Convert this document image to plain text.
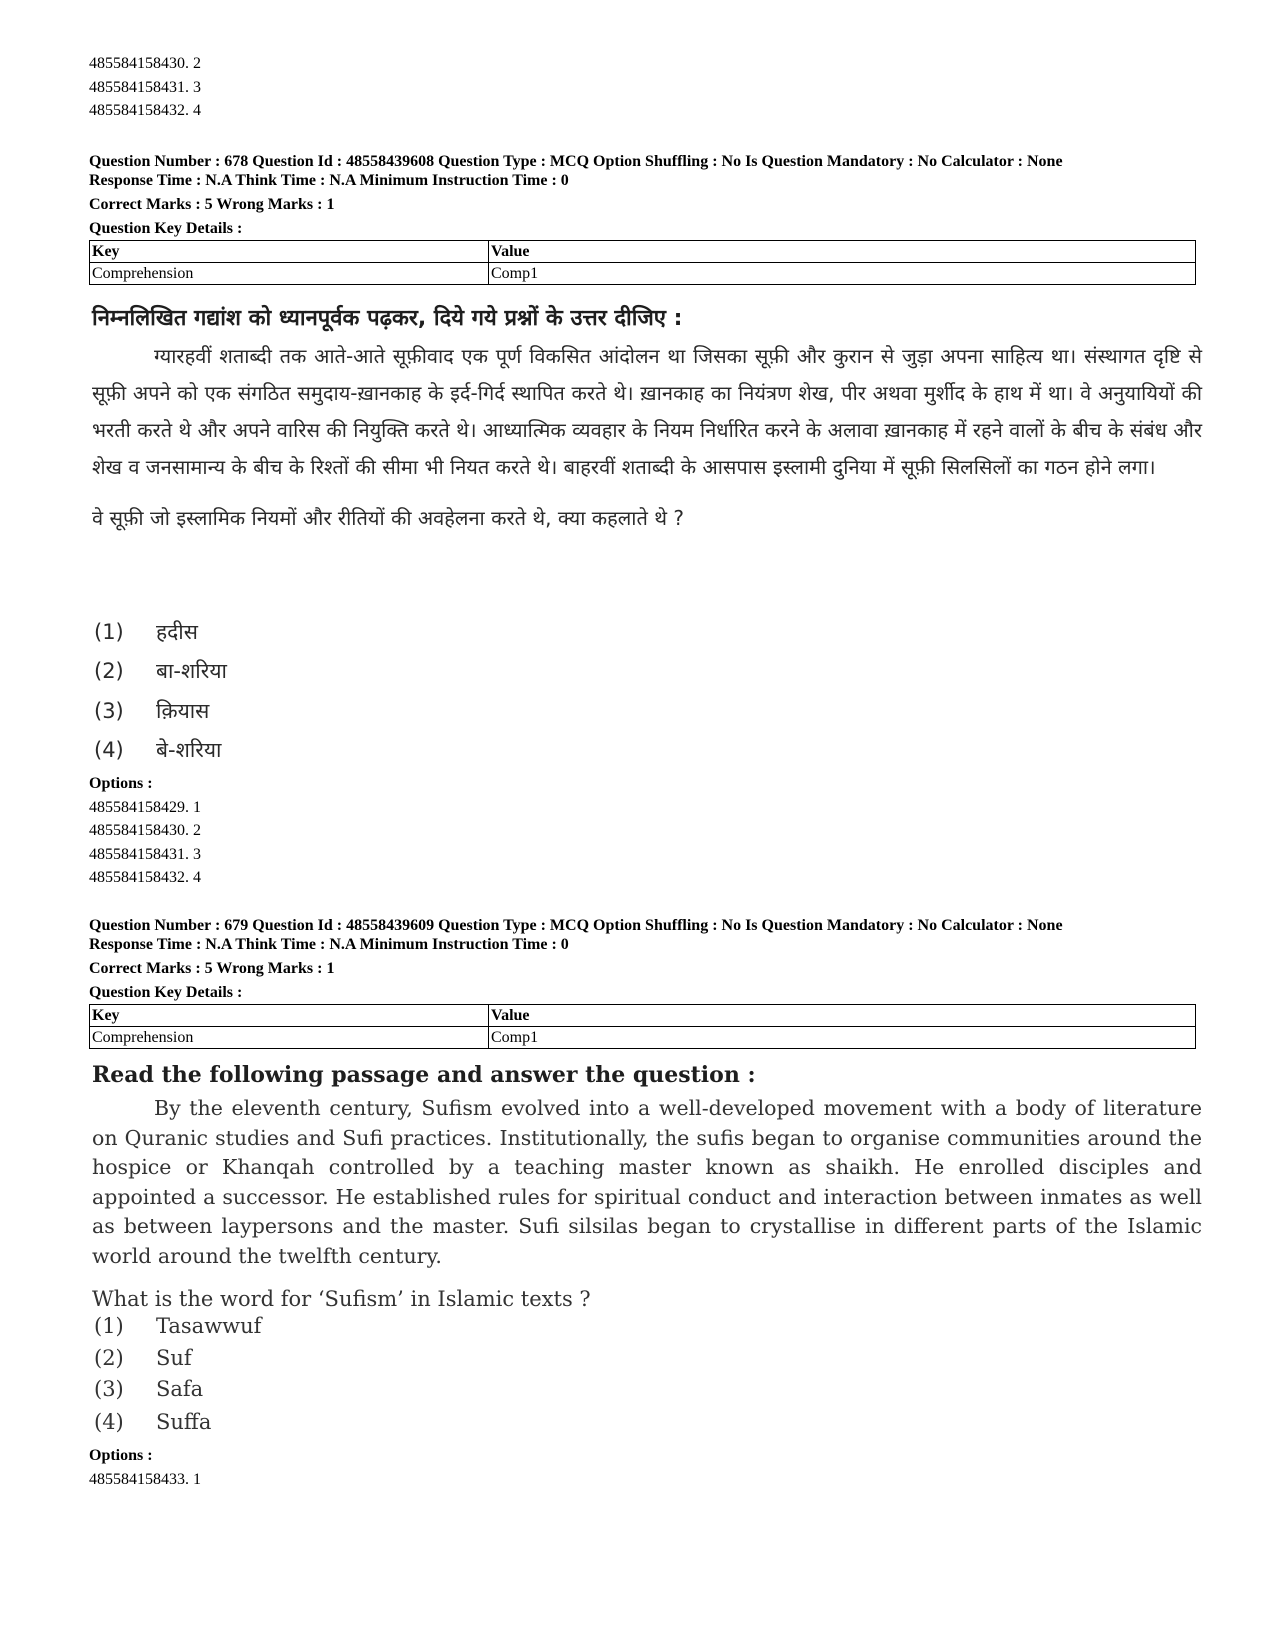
485584158430. 2
485584158431. 3
485584158432. 4
Question Number : 678 Question Id : 48558439608 Question Type : MCQ Option Shuffling : No Is Question Mandatory : No Calculator : None
Response Time : N.A Think Time : N.A Minimum Instruction Time : 0
Correct Marks : 5 Wrong Marks : 1
Question Key Details :
Key	Value
Comprehension	Comp1
निम्नलिखित गद्यांश को ध्यानपूर्वक पढ़कर, दिये गये प्रश्नों के उत्तर दीजिए :

ग्यारहवीं शताब्दी तक आते-आते सूफ़ीवाद एक पूर्ण विकसित आंदोलन था जिसका सूफ़ी और कुरान से जुड़ा अपना साहित्य था। संस्थागत दृष्टि से सूफ़ी अपने को एक संगठित समुदाय-ख़ानकाह के इर्द-गिर्द स्थापित करते थे। ख़ानकाह का नियंत्रण शेख, पीर अथवा मुर्शीद के हाथ में था। वे अनुयायियों की भरती करते थे और अपने वारिस की नियुक्ति करते थे। आध्यात्मिक व्यवहार के नियम निर्धारित करने के अलावा ख़ानकाह में रहने वालों के बीच के संबंध और शेख व जनसामान्य के बीच के रिश्तों की सीमा भी नियत करते थे। बाहरवीं शताब्दी के आसपास इस्लामी दुनिया में सूफ़ी सिलसिलों का गठन होने लगा।

वे सूफ़ी जो इस्लामिक नियमों और रीतियों की अवहेलना करते थे, क्या कहलाते थे ?

(1) हदीस
(2) बा-शरिया
(3) क़ियास
(4) बे-शरिया
Options :
485584158429. 1
485584158430. 2
485584158431. 3
485584158432. 4
Question Number : 679 Question Id : 48558439609 Question Type : MCQ Option Shuffling : No Is Question Mandatory : No Calculator : None
Response Time : N.A Think Time : N.A Minimum Instruction Time : 0
Correct Marks : 5 Wrong Marks : 1
Question Key Details :
Key	Value
Comprehension	Comp1
Read the following passage and answer the question :

By the eleventh century, Sufism evolved into a well-developed movement with a body of literature on Quranic studies and Sufi practices. Institutionally, the sufis began to organise communities around the hospice or Khanqah controlled by a teaching master known as shaikh. He enrolled disciples and appointed a successor. He established rules for spiritual conduct and interaction between inmates as well as between laypersons and the master. Sufi silsilas began to crystallise in different parts of the Islamic world around the twelfth century.

What is the word for ‘Sufism’ in Islamic texts ?

(1) Tasawwuf
(2) Suf
(3) Safa
(4) Suffa
Options :
485584158433. 1
